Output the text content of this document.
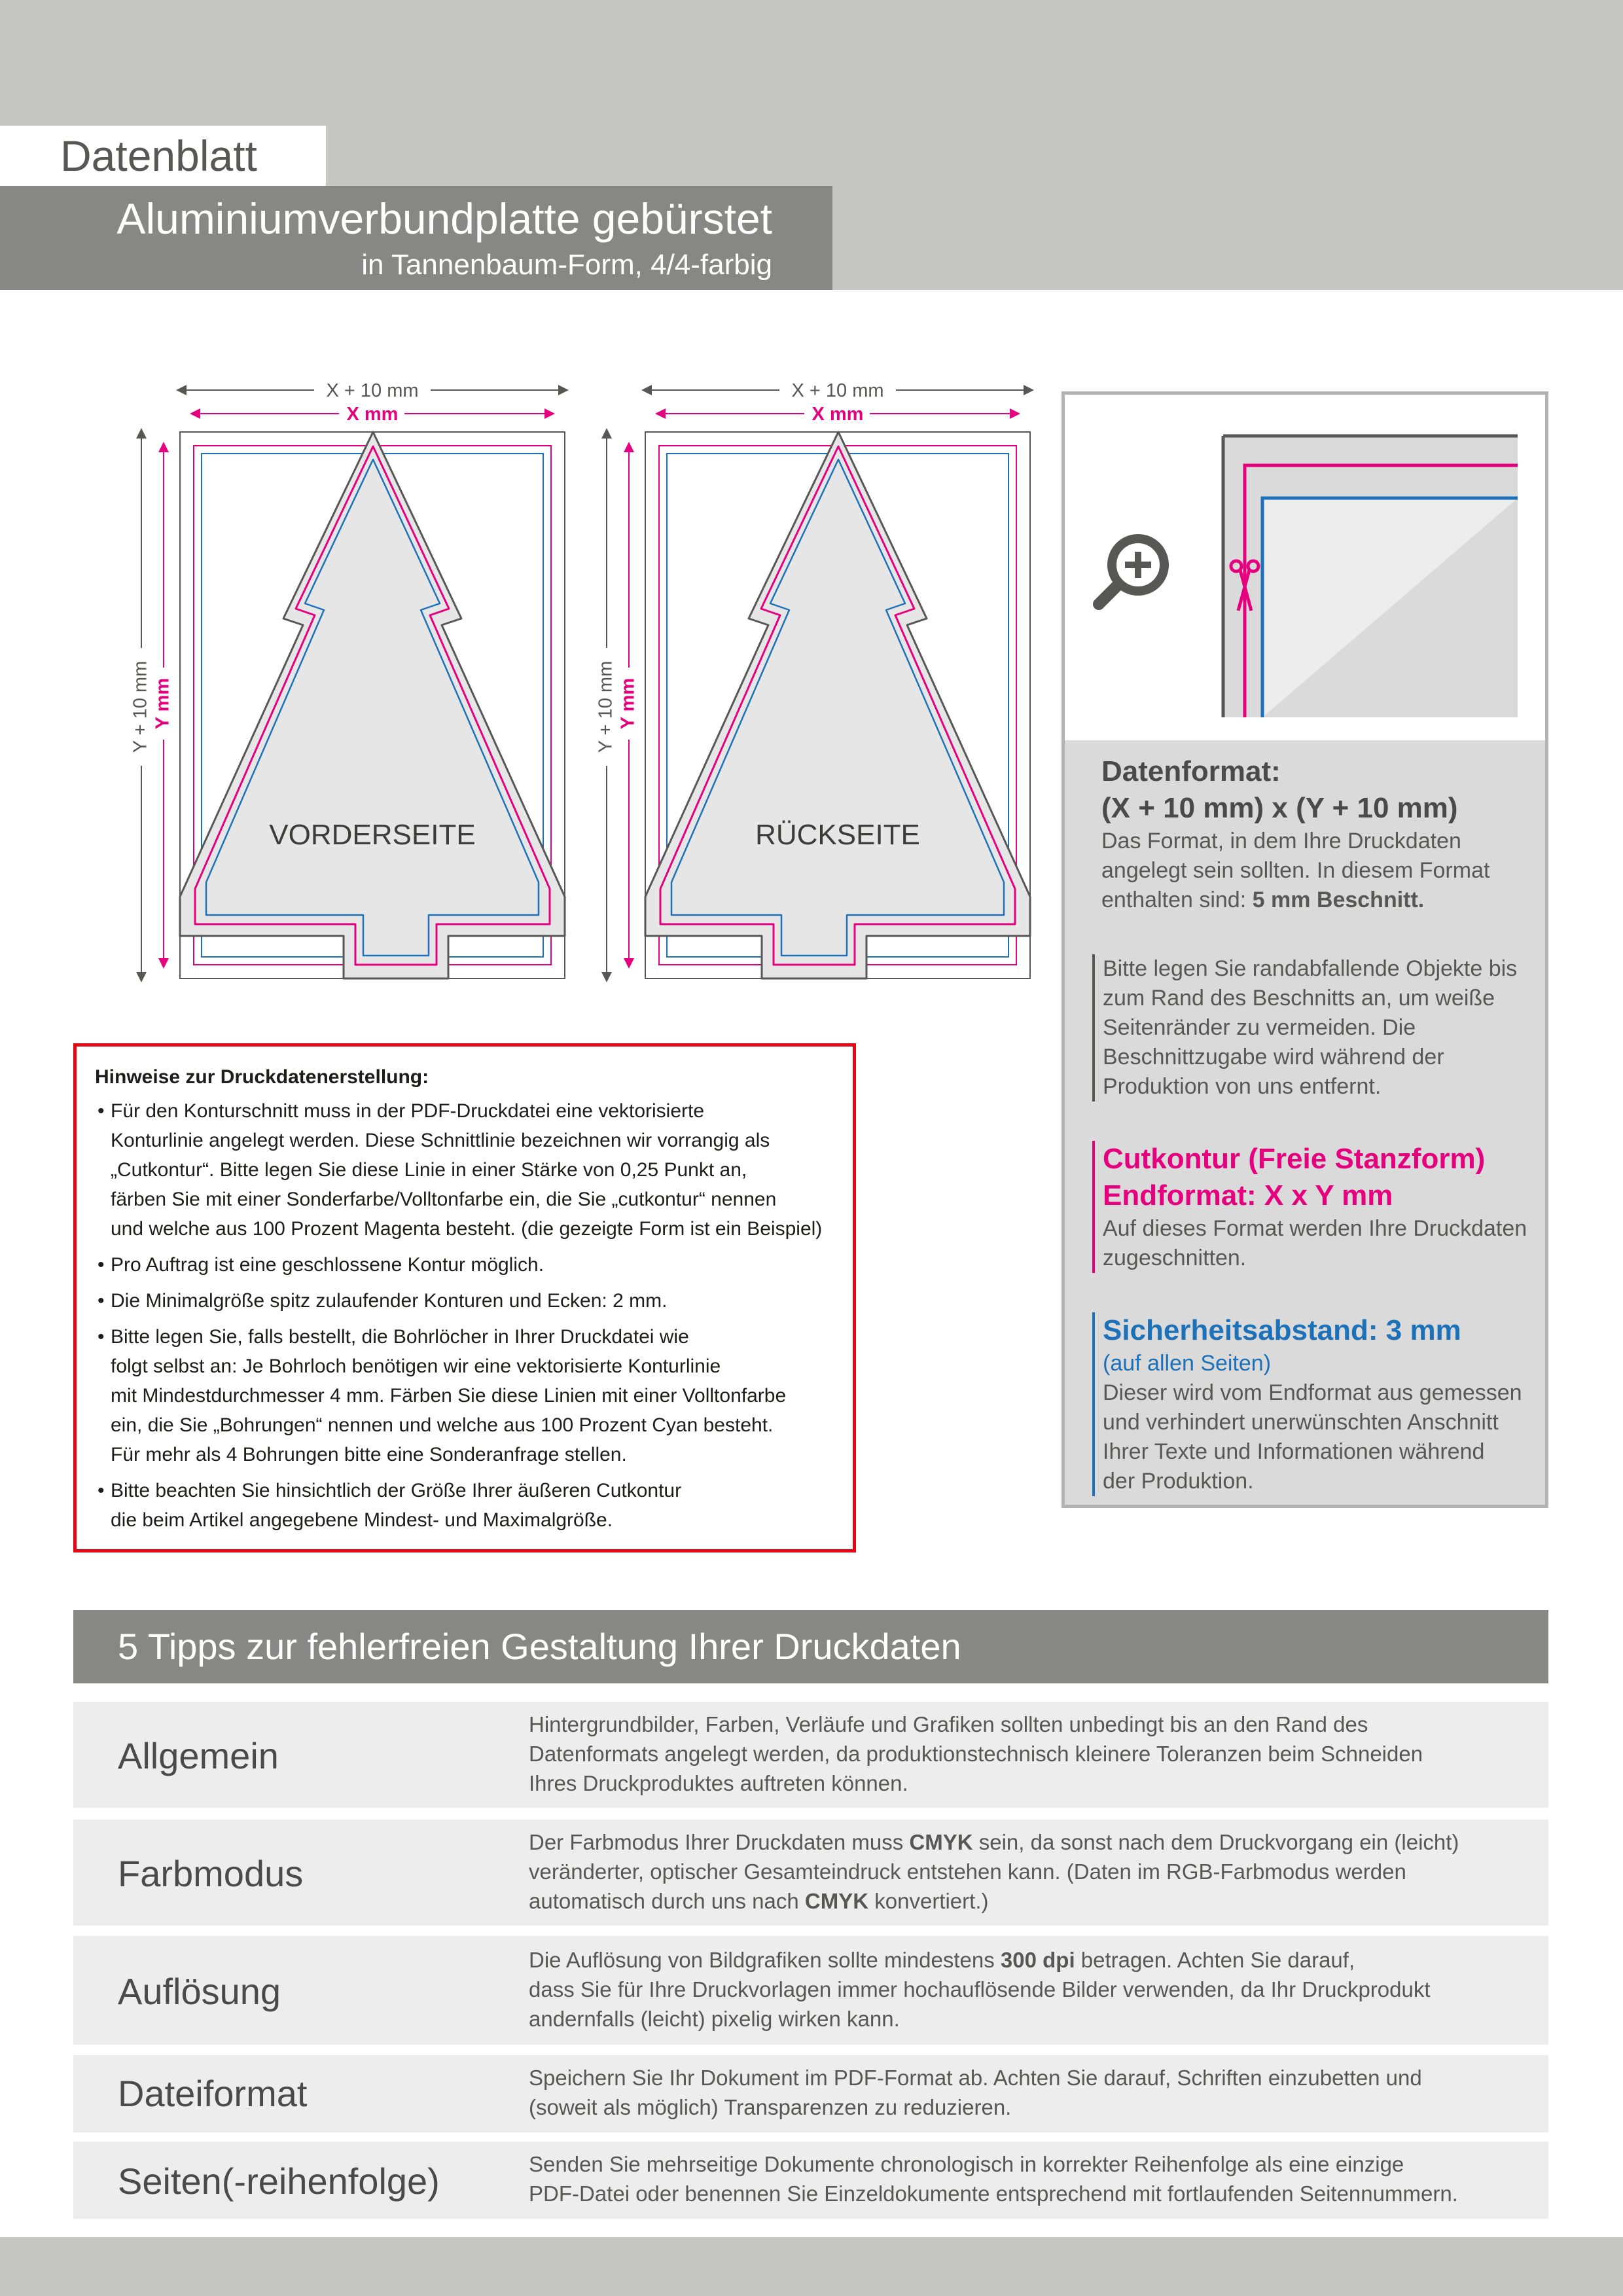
Datenblatt
Aluminiumverbundplatte gebürstet
in Tannenbaum-Form, 4/4-farbig
X + 10 mm
X mm
Y + 10 mm Y mm
VORDERSEITE
X + 10 mm
X mm
Y + 10 mm Y mm
RÜCKSEITE
Datenformat:
(X + 10 mm) x (Y + 10 mm)
Das Format, in dem Ihre Druckdaten
angelegt sein sollten. In diesem Format
enthalten sind: 5 mm Beschnitt.
Bitte legen Sie randabfallende Objekte bis
zum Rand des Beschnitts an, um weiße
Seitenränder zu vermeiden. Die
Beschnittzugabe wird während der
Produktion von uns entfernt.
Cutkontur (Freie Stanzform)
Endformat: X x Y mm
Auf dieses Format werden Ihre Druckdaten
zugeschnitten.
Sicherheitsabstand: 3 mm
(auf allen Seiten)
Dieser wird vom Endformat aus gemessen
und verhindert unerwünschten Anschnitt
Ihrer Texte und Informationen während
der Produktion.
Hinweise zur Druckdatenerstellung:
• Für den Konturschnitt muss in der PDF-Druckdatei eine vektorisierte
Konturlinie angelegt werden. Diese Schnittlinie bezeichnen wir vorrangig als
„Cutkontur“. Bitte legen Sie diese Linie in einer Stärke von 0,25 Punkt an,
färben Sie mit einer Sonderfarbe/Volltonfarbe ein, die Sie „cutkontur“ nennen
und welche aus 100 Prozent Magenta besteht. (die gezeigte Form ist ein Beispiel)
• Pro Auftrag ist eine geschlossene Kontur möglich.
• Die Minimalgröße spitz zulaufender Konturen und Ecken: 2 mm.
• Bitte legen Sie, falls bestellt, die Bohrlöcher in Ihrer Druckdatei wie
folgt selbst an: Je Bohrloch benötigen wir eine vektorisierte Konturlinie
mit Mindestdurchmesser 4 mm. Färben Sie diese Linien mit einer Volltonfarbe
ein, die Sie „Bohrungen“ nennen und welche aus 100 Prozent Cyan besteht.
Für mehr als 4 Bohrungen bitte eine Sonderanfrage stellen.
• Bitte beachten Sie hinsichtlich der Größe Ihrer äußeren Cutkontur
die beim Artikel angegebene Mindest- und Maximalgröße.
5 Tipps zur fehlerfreien Gestaltung Ihrer Druckdaten
Allgemein
Hintergrundbilder, Farben, Verläufe und Grafiken sollten unbedingt bis an den Rand des
Datenformats angelegt werden, da produktionstechnisch kleinere Toleranzen beim Schneiden
Ihres Druckproduktes auftreten können.
Farbmodus
Der Farbmodus Ihrer Druckdaten muss CMYK sein, da sonst nach dem Druckvorgang ein (leicht)
veränderter, optischer Gesamteindruck entstehen kann. (Daten im RGB-Farbmodus werden
automatisch durch uns nach CMYK konvertiert.)
Auflösung
Die Auflösung von Bildgrafiken sollte mindestens 300 dpi betragen. Achten Sie darauf,
dass Sie für Ihre Druckvorlagen immer hochauflösende Bilder verwenden, da Ihr Druckprodukt
andernfalls (leicht) pixelig wirken kann.
Dateiformat	Speichern Sie Ihr Dokument im PDF-Format ab. Achten Sie darauf, Schriften einzubetten und
(soweit als möglich) Transparenzen zu reduzieren.
Seiten(-reihenfolge)	Senden Sie mehrseitige Dokumente chronologisch in korrekter Reihenfolge als eine einzige
PDF-Datei oder benennen Sie Einzeldokumente entsprechend mit fortlaufenden Seitennummern.
